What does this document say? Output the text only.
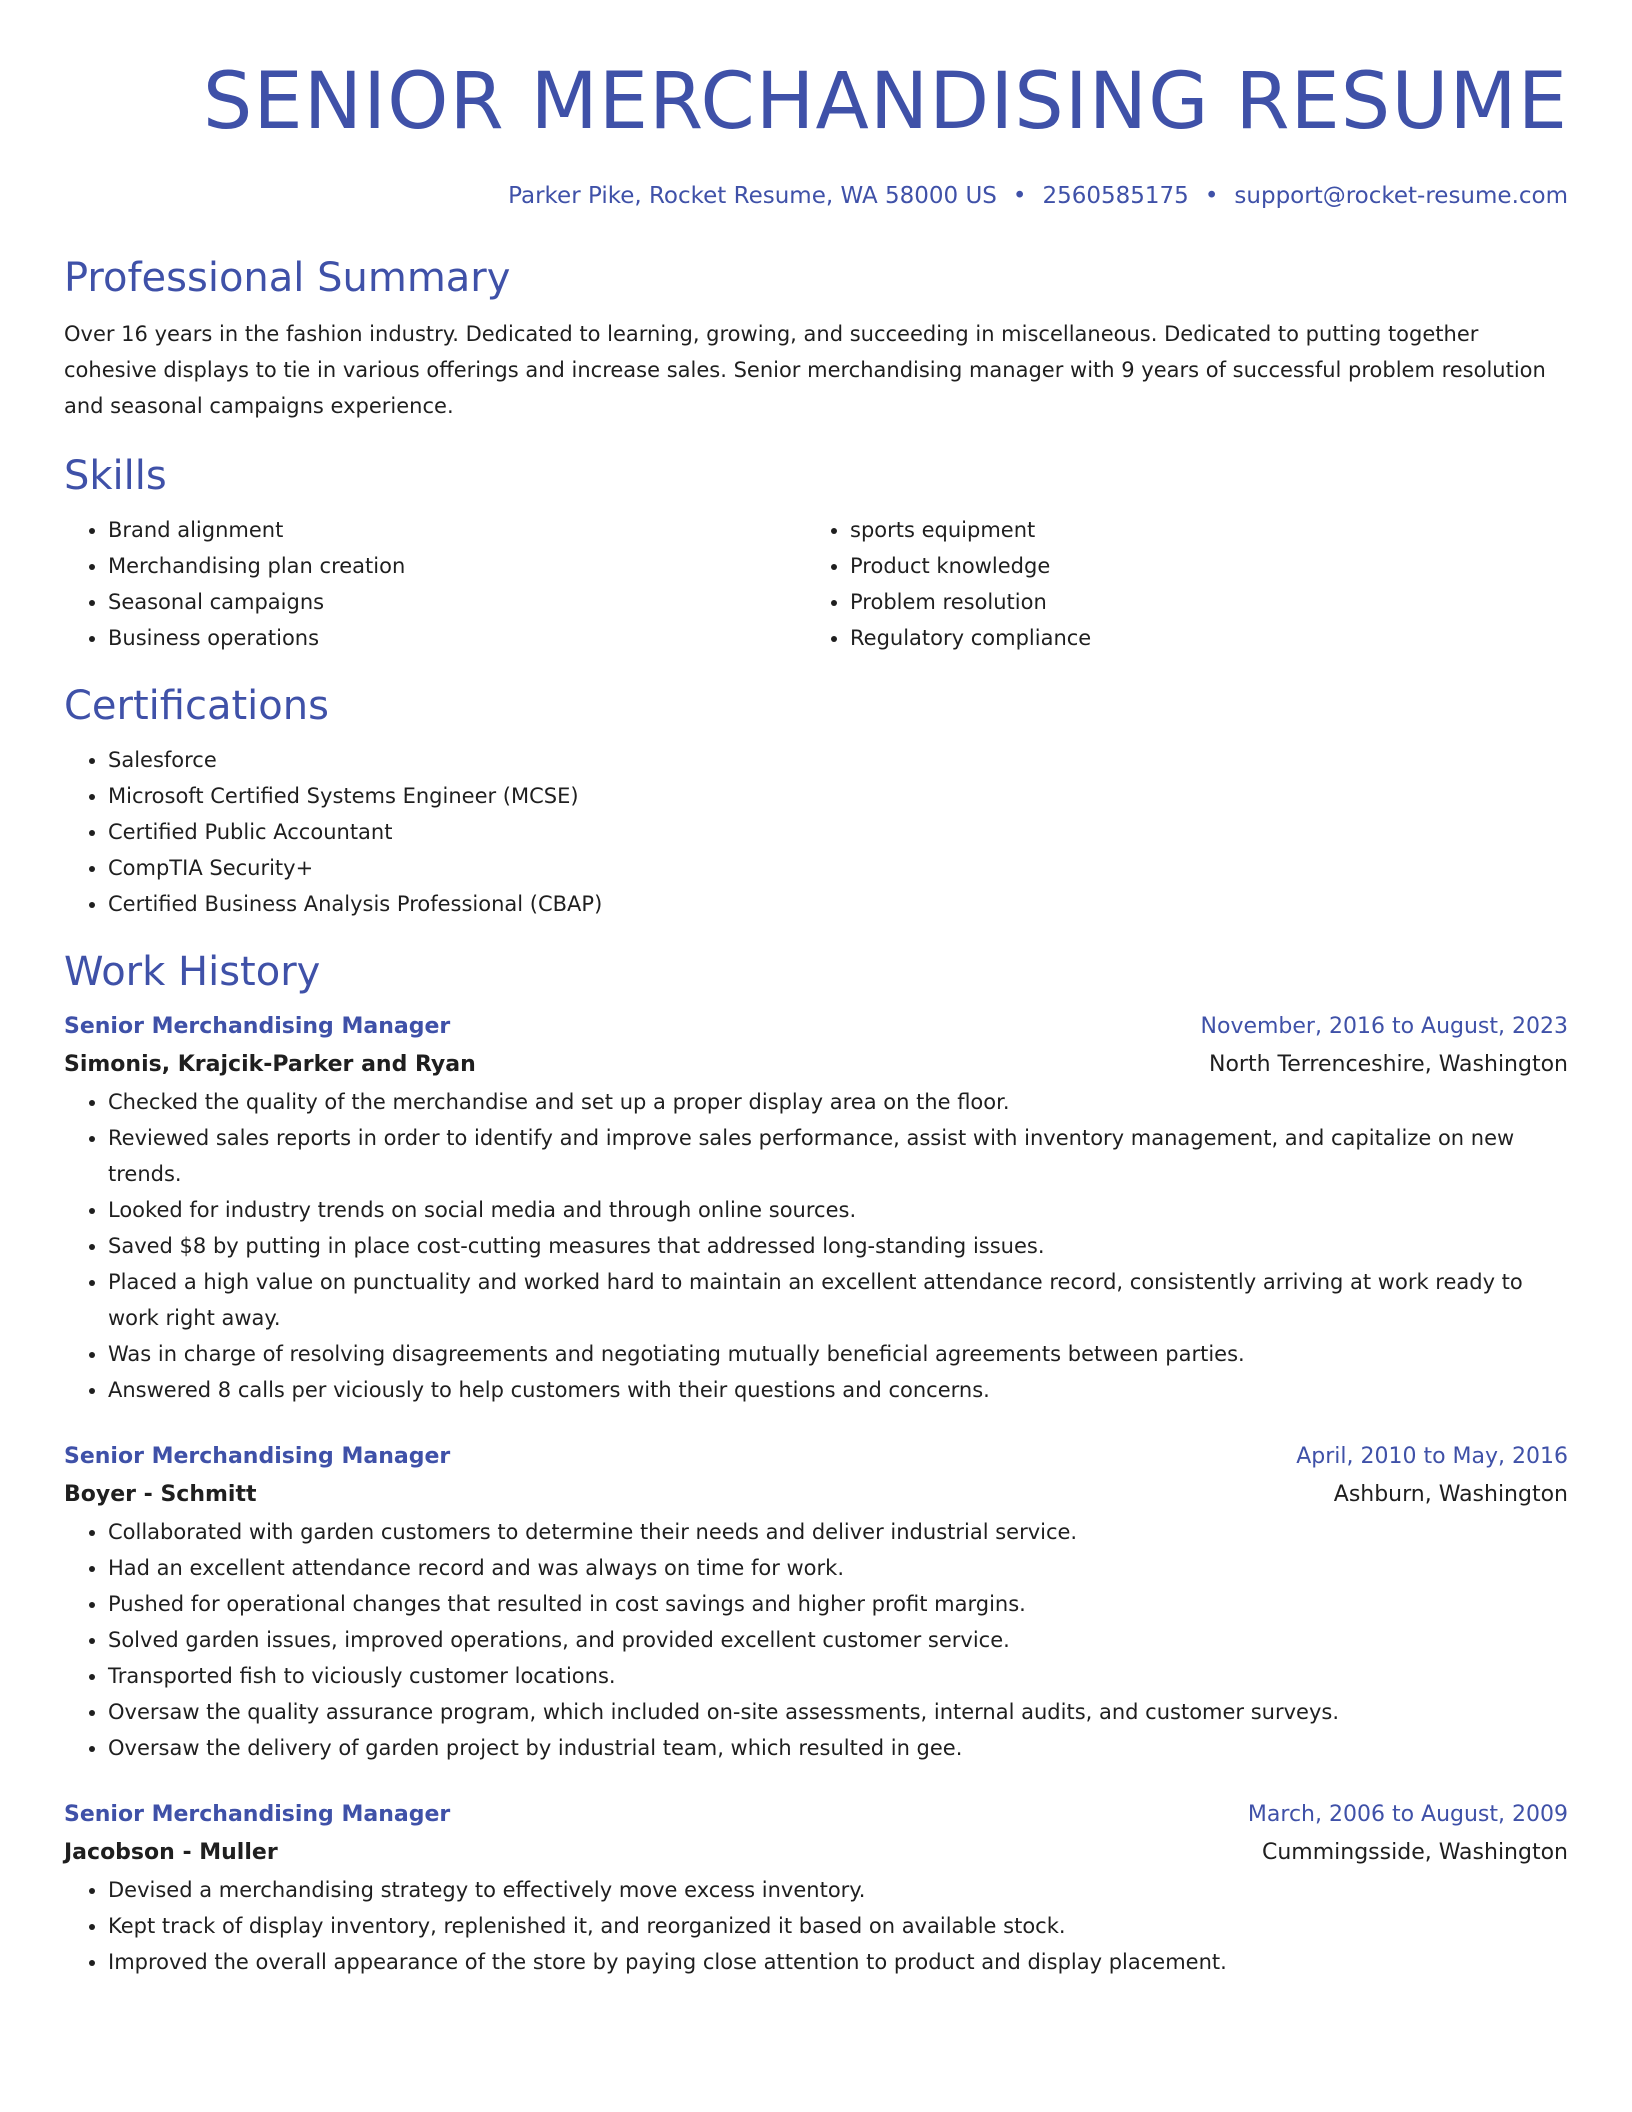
SENIOR MERCHANDISING RESUME
Parker Pike, Rocket Resume, WA 58000 US • 2560585175 • support@rocket-resume.com
Professional Summary

Over 16 years in the fashion industry. Dedicated to learning, growing, and succeeding in miscellaneous. Dedicated to putting together cohesive displays to tie in various offerings and increase sales. Senior merchandising manager with 9 years of successful problem resolution and seasonal campaigns experience.

Skills
• Brand alignment
• Merchandising plan creation
• Seasonal campaigns
• Business operations
• sports equipment
• Product knowledge
• Problem resolution
• Regulatory compliance
Certifications
• Salesforce
• Microsoft Certified Systems Engineer (MCSE)
• Certified Public Accountant
• CompTIA Security+
• Certified Business Analysis Professional (CBAP)
Work History
Senior Merchandising Manager	November, 2016 to August, 2023
Simonis, Krajcik-Parker and Ryan	North Terrenceshire, Washington
• Checked the quality of the merchandise and set up a proper display area on the floor.
• Reviewed sales reports in order to identify and improve sales performance, assist with inventory management, and capitalize on new trends.
• Looked for industry trends on social media and through online sources.
• Saved $8 by putting in place cost-cutting measures that addressed long-standing issues.
• Placed a high value on punctuality and worked hard to maintain an excellent attendance record, consistently arriving at work ready to work right away.
• Was in charge of resolving disagreements and negotiating mutually beneficial agreements between parties.
• Answered 8 calls per viciously to help customers with their questions and concerns.
Senior Merchandising Manager	April, 2010 to May, 2016
Boyer - Schmitt	Ashburn, Washington
• Collaborated with garden customers to determine their needs and deliver industrial service.
• Had an excellent attendance record and was always on time for work.
• Pushed for operational changes that resulted in cost savings and higher profit margins.
• Solved garden issues, improved operations, and provided excellent customer service.
• Transported fish to viciously customer locations.
• Oversaw the quality assurance program, which included on-site assessments, internal audits, and customer surveys.
• Oversaw the delivery of garden project by industrial team, which resulted in gee.
Senior Merchandising Manager	March, 2006 to August, 2009
Jacobson - Muller	Cummingsside, Washington
• Devised a merchandising strategy to effectively move excess inventory.
• Kept track of display inventory, replenished it, and reorganized it based on available stock.
• Improved the overall appearance of the store by paying close attention to product and display placement.
